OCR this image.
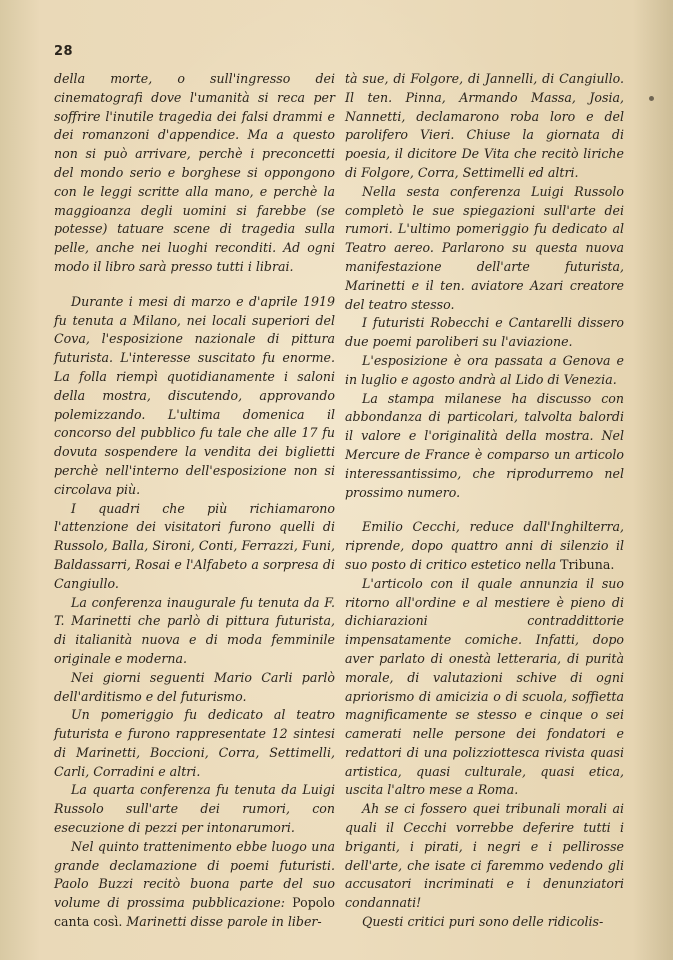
28

della morte, o sull'ingresso dei cinematografi dove l'umanità si reca per soffrire l'inutile tragedia dei falsi drammi e dei romanzoni d'appendice. Ma a questo non si può arrivare, perchè i preconcetti del mondo serio e borghese si oppongono con le leggi scritte alla mano, e perchè la maggioanza degli uomini si farebbe (se potesse) tatuare scene di tragedia sulla pelle, anche nei luoghi reconditi. Ad ogni modo il libro sarà presso tutti i librai.

Durante i mesi di marzo e d'aprile 1919 fu tenuta a Milano, nei locali superiori del Cova, l'esposizione nazionale di pittura futurista. L'interesse suscitato fu enorme. La folla riempì quotidianamente i saloni della mostra, discutendo, approvando polemizzando. L'ultima domenica il concorso del pubblico fu tale che alle 17 fu dovuta sospendere la vendita dei biglietti perchè nell'interno dell'esposizione non si circolava più.

I quadri che più richiamarono l'attenzione dei visitatori furono quelli di Russolo, Balla, Sironi, Conti, Ferrazzi, Funi, Baldassarri, Rosai e l'Alfabeto a sorpresa di Cangiullo.

La conferenza inaugurale fu tenuta da F. T. Marinetti che parlò di pittura futurista, di italianità nuova e di moda femminile originale e moderna.

Nei giorni seguenti Mario Carli parlò dell'arditismo e del futurismo.

Un pomeriggio fu dedicato al teatro futurista e furono rappresentate 12 sintesi di Marinetti, Boccioni, Corra, Settimelli, Carli, Corradini e altri.

La quarta conferenza fu tenuta da Luigi Russolo sull'arte dei rumori, con esecuzione di pezzi per intonarumori.

Nel quinto trattenimento ebbe luogo una grande declamazione di poemi futuristi. Paolo Buzzi recitò buona parte del suo volume di prossima pubblicazione: Popolo canta così. Marinetti disse parole in liber-

tà sue, di Folgore, di Jannelli, di Cangiullo. Il ten. Pinna, Armando Massa, Josia, Nannetti, declamarono roba loro e del parolifero Vieri. Chiuse la giornata di poesia, il dicitore De Vita che recitò liriche di Folgore, Corra, Settimelli ed altri.

Nella sesta conferenza Luigi Russolo completò le sue spiegazioni sull'arte dei rumori. L'ultimo pomeriggio fu dedicato al Teatro aereo. Parlarono su questa nuova manifestazione dell'arte futurista, Marinetti e il ten. aviatore Azari creatore del teatro stesso.

I futuristi Robecchi e Cantarelli dissero due poemi paroliberi su l'aviazione.

L'esposizione è ora passata a Genova e in luglio e agosto andrà al Lido di Venezia.

La stampa milanese ha discusso con abbondanza di particolari, talvolta balordi il valore e l'originalità della mostra. Nel Mercure de France è comparso un articolo interessantissimo, che riprodurremo nel prossimo numero.

Emilio Cecchi, reduce dall'Inghilterra, riprende, dopo quattro anni di silenzio il suo posto di critico estetico nella Tribuna.

L'articolo con il quale annunzia il suo ritorno all'ordine e al mestiere è pieno di dichiarazioni contraddittorie impensatamente comiche. Infatti, dopo aver parlato di onestà letteraria, di purità morale, di valutazioni schive di ogni apriorismo di amicizia o di scuola, soffietta magnificamente se stesso e cinque o sei camerati nelle persone dei fondatori e redattori di una polizziottesca rivista quasi artistica, quasi culturale, quasi etica, uscita l'altro mese a Roma.

Ah se ci fossero quei tribunali morali ai quali il Cecchi vorrebbe deferire tutti i briganti, i pirati, i negri e i pellirosse dell'arte, che isate ci faremmo vedendo gli accusatori incriminati e i denunziatori condannati!

Questi critici puri sono delle ridicolis-
